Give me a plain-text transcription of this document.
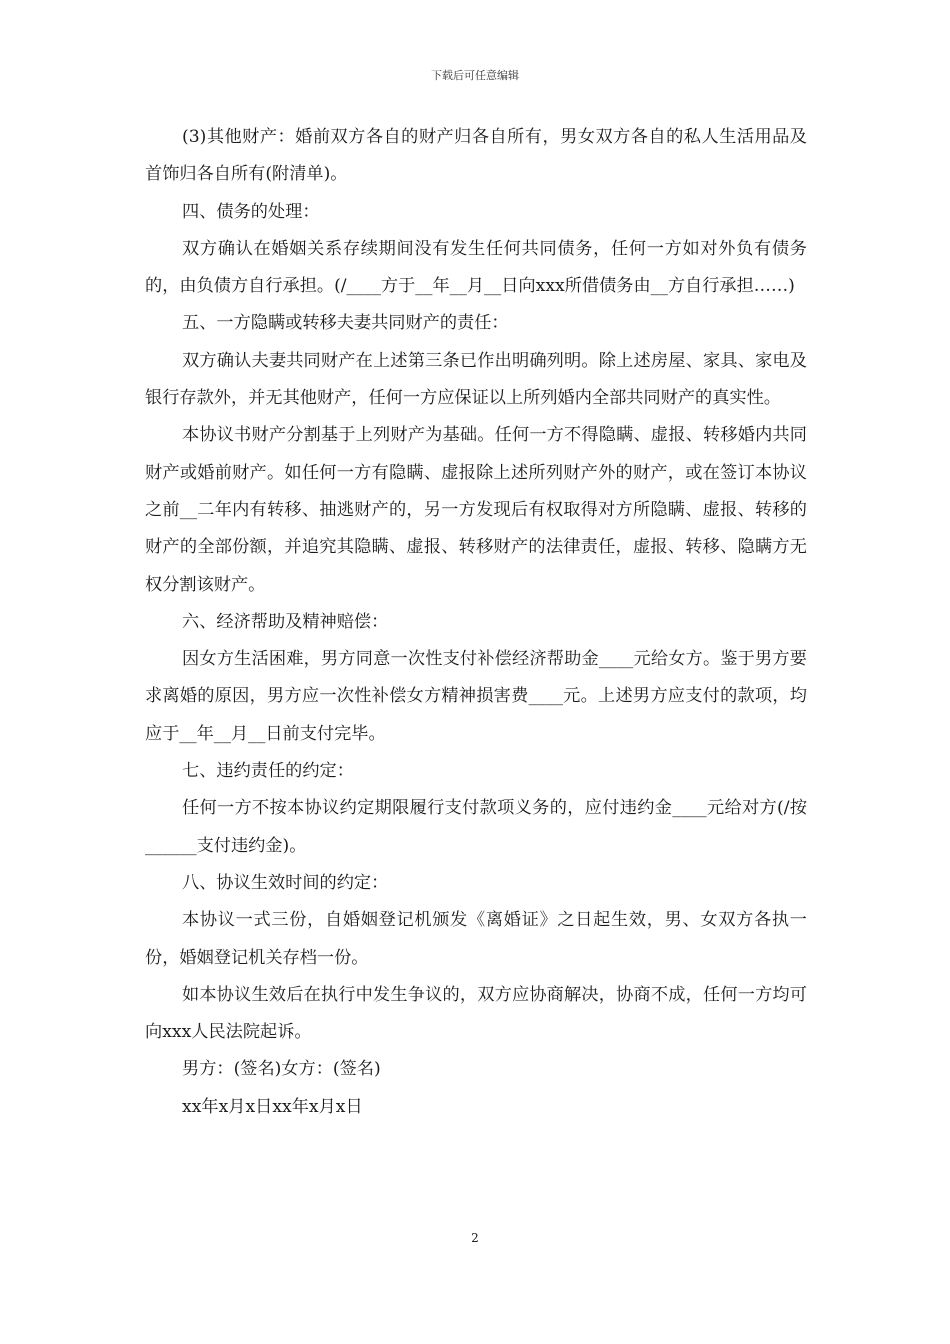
下载后可任意编辑

(3)其他财产：婚前双方各自的财产归各自所有，男女双方各自的私人生活用品及首饰归各自所有(附清单)。

四、债务的处理：

双方确认在婚姻关系存续期间没有发生任何共同债务，任何一方如对外负有债务的，由负债方自行承担。(/____方于__年__月__日向xxx所借债务由__方自行承担……)

五、一方隐瞒或转移夫妻共同财产的责任：

双方确认夫妻共同财产在上述第三条已作出明确列明。除上述房屋、家具、家电及银行存款外，并无其他财产，任何一方应保证以上所列婚内全部共同财产的真实性。

本协议书财产分割基于上列财产为基础。任何一方不得隐瞒、虚报、转移婚内共同财产或婚前财产。如任何一方有隐瞒、虚报除上述所列财产外的财产，或在签订本协议之前__二年内有转移、抽逃财产的，另一方发现后有权取得对方所隐瞒、虚报、转移的财产的全部份额，并追究其隐瞒、虚报、转移财产的法律责任，虚报、转移、隐瞒方无权分割该财产。

六、经济帮助及精神赔偿：

因女方生活困难，男方同意一次性支付补偿经济帮助金____元给女方。鉴于男方要求离婚的原因，男方应一次性补偿女方精神损害费____元。上述男方应支付的款项，均应于__年__月__日前支付完毕。

七、违约责任的约定：

任何一方不按本协议约定期限履行支付款项义务的，应付违约金____元给对方(/按______支付违约金)。

八、协议生效时间的约定：

本协议一式三份，自婚姻登记机颁发《离婚证》之日起生效，男、女双方各执一份，婚姻登记机关存档一份。

如本协议生效后在执行中发生争议的，双方应协商解决，协商不成，任何一方均可向xxx人民法院起诉。

男方：(签名)女方：(签名)

xx年x月x日xx年x月x日

2
